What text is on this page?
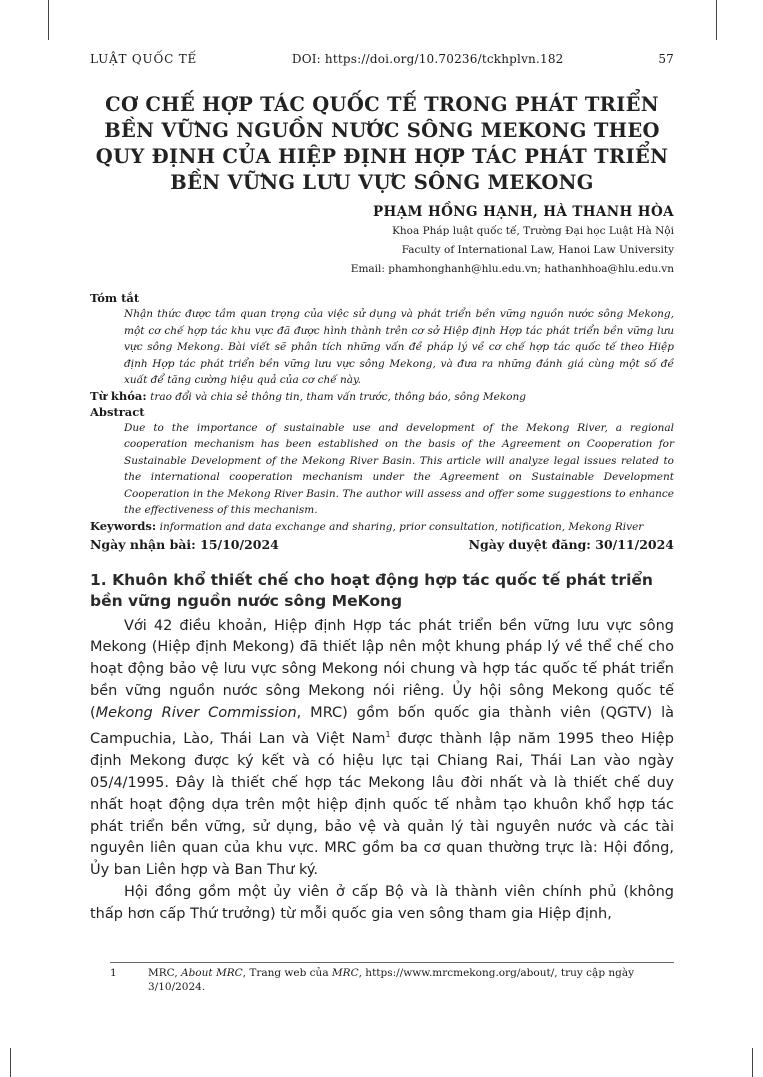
LUẬT QUỐC TẾ	DOI: https://doi.org/10.70236/tckhplvn.182	57
CƠ CHẾ HỢP TÁC QUỐC TẾ TRONG PHÁT TRIỂN BỀN VỮNG NGUỒN NƯỚC SÔNG MEKONG THEO QUY ĐỊNH CỦA HIỆP ĐỊNH HỢP TÁC PHÁT TRIỂN BỀN VỮNG LƯU VỰC SÔNG MEKONG
PHẠM HỒNG HẠNH, HÀ THANH HÒA
Khoa Pháp luật quốc tế, Trường Đại học Luật Hà Nội
Faculty of International Law, Hanoi Law University
Email: phamhonghanh@hlu.edu.vn; hathanhhoa@hlu.edu.vn
Tóm tắt
Nhận thức được tầm quan trọng của việc sử dụng và phát triển bền vững nguồn nước sông Mekong, một cơ chế hợp tác khu vực đã được hình thành trên cơ sở Hiệp định Hợp tác phát triển bền vững lưu vực sông Mekong. Bài viết sẽ phân tích những vấn đề pháp lý về cơ chế hợp tác quốc tế theo Hiệp định Hợp tác phát triển bền vững lưu vực sông Mekong, và đưa ra những đánh giá cùng một số đề xuất để tăng cường hiệu quả của cơ chế này.
Từ khóa: trao đổi và chia sẻ thông tin, tham vấn trước, thông báo, sông Mekong
Abstract
Due to the importance of sustainable use and development of the Mekong River, a regional cooperation mechanism has been established on the basis of the Agreement on Cooperation for Sustainable Development of the Mekong River Basin. This article will analyze legal issues related to the international cooperation mechanism under the Agreement on Sustainable Development Cooperation in the Mekong River Basin. The author will assess and offer some suggestions to enhance the effectiveness of this mechanism.
Keywords: information and data exchange and sharing, prior consultation, notification, Mekong River
Ngày nhận bài: 15/10/2024	Ngày duyệt đăng: 30/11/2024
1. Khuôn khổ thiết chế cho hoạt động hợp tác quốc tế phát triển bền vững nguồn nước sông MeKong

Với 42 điều khoản, Hiệp định Hợp tác phát triển bền vững lưu vực sông Mekong (Hiệp định Mekong) đã thiết lập nên một khung pháp lý về thể chế cho hoạt động bảo vệ lưu vực sông Mekong nói chung và hợp tác quốc tế phát triển bền vững nguồn nước sông Mekong nói riêng. Ủy hội sông Mekong quốc tế (Mekong River Commission, MRC) gồm bốn quốc gia thành viên (QGTV) là Campuchia, Lào, Thái Lan và Việt Nam$^1$ được thành lập năm 1995 theo Hiệp định Mekong được ký kết và có hiệu lực tại Chiang Rai, Thái Lan vào ngày 05/4/1995. Đây là thiết chế hợp tác Mekong lâu đời nhất và là thiết chế duy nhất hoạt động dựa trên một hiệp định quốc tế nhằm tạo khuôn khổ hợp tác phát triển bền vững, sử dụng, bảo vệ và quản lý tài nguyên nước và các tài nguyên liên quan của khu vực. MRC gồm ba cơ quan thường trực là: Hội đồng, Ủy ban Liên hợp và Ban Thư ký.

Hội đồng gồm một ủy viên ở cấp Bộ và là thành viên chính phủ (không thấp hơn cấp Thứ trưởng) từ mỗi quốc gia ven sông tham gia Hiệp định,

1	MRC, About MRC, Trang web của MRC, https://www.mrcmekong.org/about/, truy cập ngày 3/10/2024.
